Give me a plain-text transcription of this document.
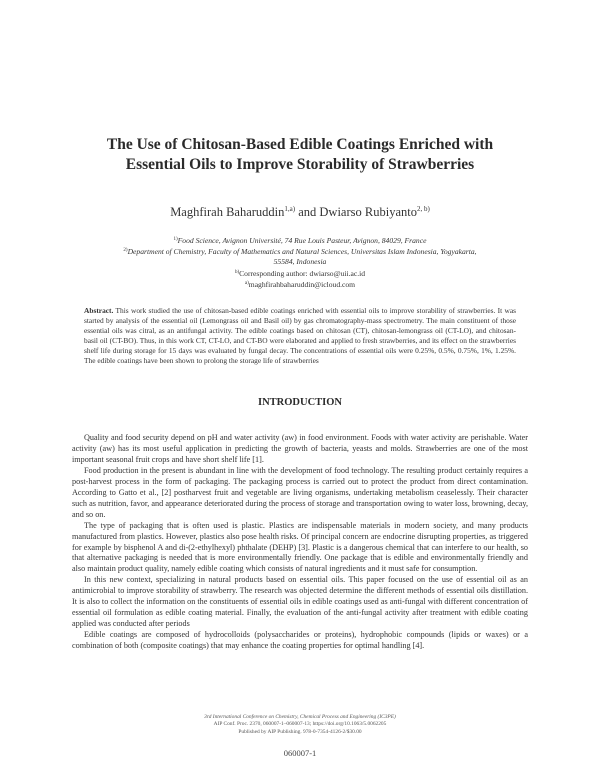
The Use of Chitosan-Based Edible Coatings Enriched with
Essential Oils to Improve Storability of Strawberries
Maghfirah Baharuddin$^{1,a)}$ and Dwiarso Rubiyanto$^{2, b)}$
$^{1)}$Food Science, Avignon Université, 74 Rue Louis Pasteur, Avignon, 84029, France
$^{2)}$Department of Chemistry, Faculty of Mathematics and Natural Sciences, Universitas Islam Indonesia, Yogyakarta,
55584, Indonesia
$^{b)}$Corresponding author: dwiarso@uii.ac.id
$^{a)}$maghfirahbaharuddin@icloud.com
Abstract. This work studied the use of chitosan-based edible coatings enriched with essential oils to improve storability of strawberries. It was started by analysis of the essential oil (Lemongrass oil and Basil oil) by gas chromatography-mass spectrometry. The main constituent of those essential oils was citral, as an antifungal activity. The edible coatings based on chitosan (CT), chitosan-lemongrass oil (CT-LO), and chitosan-basil oil (CT-BO). Thus, in this work CT, CT-LO, and CT-BO were elaborated and applied to fresh strawberries, and its effect on the strawberries shelf life during storage for 15 days was evaluated by fungal decay. The concentrations of essential oils were 0.25%, 0.5%, 0.75%, 1%, 1.25%. The edible coatings have been shown to prolong the storage life of strawberries
INTRODUCTION

Quality and food security depend on pH and water activity (aw) in food environment. Foods with water activity are perishable. Water activity (aw) has its most useful application in predicting the growth of bacteria, yeasts and molds. Strawberries are one of the most important seasonal fruit crops and have short shelf life [1].

Food production in the present is abundant in line with the development of food technology. The resulting product certainly requires a post-harvest process in the form of packaging. The packaging process is carried out to protect the product from direct contamination. According to Gatto et al., [2] postharvest fruit and vegetable are living organisms, undertaking metabolism ceaselessly. Their character such as nutrition, favor, and appearance deteriorated during the process of storage and transportation owing to water loss, browning, decay, and so on.

The type of packaging that is often used is plastic. Plastics are indispensable materials in modern society, and many products manufactured from plastics. However, plastics also pose health risks. Of principal concern are endocrine disrupting properties, as triggered for example by bisphenol A and di-(2-ethylhexyl) phthalate (DEHP) [3]. Plastic is a dangerous chemical that can interfere to our health, so that alternative packaging is needed that is more environmentally friendly. One package that is edible and environmentally friendly and also maintain product quality, namely edible coating which consists of natural ingredients and it must safe for consumption.

In this new context, specializing in natural products based on essential oils. This paper focused on the use of essential oil as an antimicrobial to improve storability of strawberry. The research was objected determine the different methods of essential oils distillation. It is also to collect the information on the constituents of essential oils in edible coatings used as anti-fungal with different concentration of essential oil formulation as edible coating material. Finally, the evaluation of the anti-fungal activity after treatment with edible coating applied was conducted after periods

Edible coatings are composed of hydrocolloids (polysaccharides or proteins), hydrophobic compounds (lipids or waxes) or a combination of both (composite coatings) that may enhance the coating properties for optimal handling [4].

3rd International Conference on Chemistry, Chemical Process and Engineering (IC3PE)
AIP Conf. Proc. 2370, 060007-1–060007-13; https://doi.org/10.1063/5.0062205
Published by AIP Publishing. 978-0-7354-4126-2/$30.00
060007-1
